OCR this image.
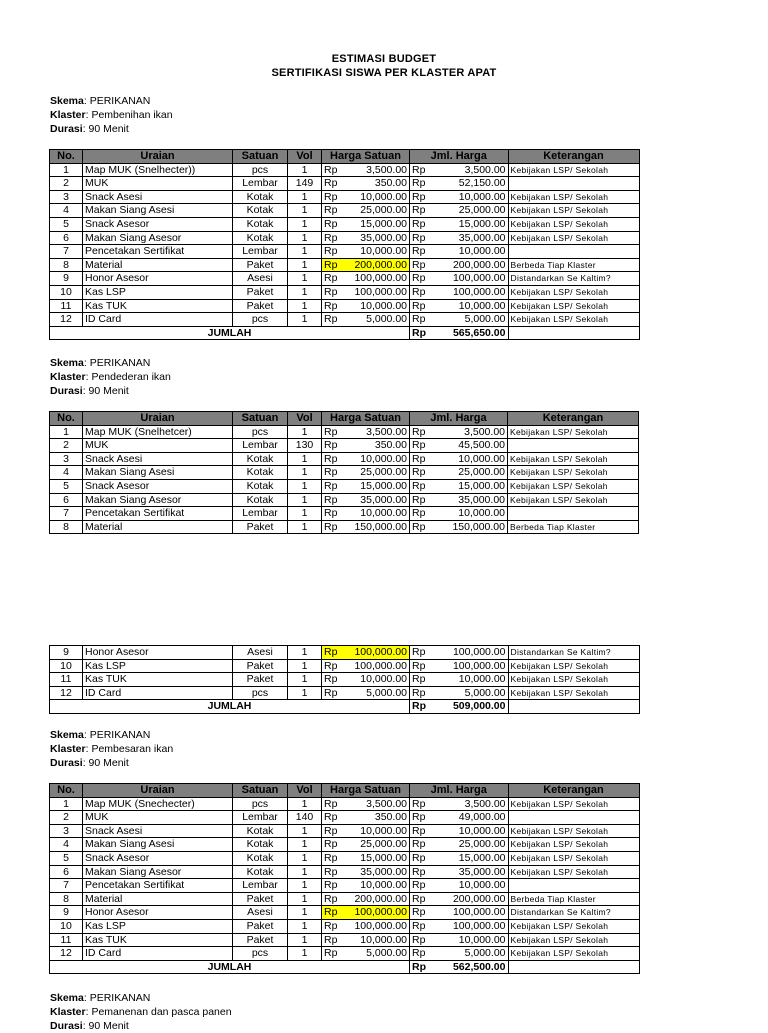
ESTIMASI BUDGET
SERTIFIKASI SISWA PER KLASTER APAT
Skema: PERIKANAN
Klaster: Pembenihan ikan
Durasi: 90 Menit
Skema: PERIKANAN
Klaster: Pendederan ikan
Durasi: 90 Menit
Skema: PERIKANAN
Klaster: Pembesaran ikan
Durasi: 90 Menit
Skema: PERIKANAN
Klaster: Pemanenan dan pasca panen
Durasi: 90 Menit
No.	Uraian	Satuan	Vol	Harga Satuan		Jml. Harga		Keterangan
1	Map MUK (Snelhecter))	pcs	1	Rp	3,500.00	Rp	3,500.00	Kebijakan LSP/ Sekolah
2	MUK	Lembar	149	Rp	350.00	Rp	52,150.00	
3	Snack Asesi	Kotak	1	Rp	10,000.00	Rp	10,000.00	Kebijakan LSP/ Sekolah
4	Makan Siang Asesi	Kotak	1	Rp	25,000.00	Rp	25,000.00	Kebijakan LSP/ Sekolah
5	Snack Asesor	Kotak	1	Rp	15,000.00	Rp	15,000.00	Kebijakan LSP/ Sekolah
6	Makan Siang Asesor	Kotak	1	Rp	35,000.00	Rp	35,000.00	Kebijakan LSP/ Sekolah
7	Pencetakan Sertifikat	Lembar	1	Rp	10,000.00	Rp	10,000.00	
8	Material	Paket	1	Rp	200,000.00	Rp	200,000.00	Berbeda Tiap Klaster
9	Honor Asesor	Asesi	1	Rp	100,000.00	Rp	100,000.00	Distandarkan Se Kaltim?
10	Kas LSP	Paket	1	Rp	100,000.00	Rp	100,000.00	Kebijakan LSP/ Sekolah
11	Kas TUK	Paket	1	Rp	10,000.00	Rp	10,000.00	Kebijakan LSP/ Sekolah
12	ID Card	pcs	1	Rp	5,000.00	Rp	5,000.00	Kebijakan LSP/ Sekolah
JUMLAH						Rp	565,650.00	
No.	Uraian	Satuan	Vol	Harga Satuan		Jml. Harga		Keterangan
1	Map MUK (Snelhetcer)	pcs	1	Rp	3,500.00	Rp	3,500.00	Kebijakan LSP/ Sekolah
2	MUK	Lembar	130	Rp	350.00	Rp	45,500.00	
3	Snack Asesi	Kotak	1	Rp	10,000.00	Rp	10,000.00	Kebijakan LSP/ Sekolah
4	Makan Siang Asesi	Kotak	1	Rp	25,000.00	Rp	25,000.00	Kebijakan LSP/ Sekolah
5	Snack Asesor	Kotak	1	Rp	15,000.00	Rp	15,000.00	Kebijakan LSP/ Sekolah
6	Makan Siang Asesor	Kotak	1	Rp	35,000.00	Rp	35,000.00	Kebijakan LSP/ Sekolah
7	Pencetakan Sertifikat	Lembar	1	Rp	10,000.00	Rp	10,000.00	
8	Material	Paket	1	Rp	150,000.00	Rp	150,000.00	Berbeda Tiap Klaster
9	Honor Asesor	Asesi	1	Rp	100,000.00	Rp	100,000.00	Distandarkan Se Kaltim?
10	Kas LSP	Paket	1	Rp	100,000.00	Rp	100,000.00	Kebijakan LSP/ Sekolah
11	Kas TUK	Paket	1	Rp	10,000.00	Rp	10,000.00	Kebijakan LSP/ Sekolah
12	ID Card	pcs	1	Rp	5,000.00	Rp	5,000.00	Kebijakan LSP/ Sekolah
JUMLAH						Rp	509,000.00	
No.	Uraian	Satuan	Vol	Harga Satuan		Jml. Harga		Keterangan
1	Map MUK (Snechecter)	pcs	1	Rp	3,500.00	Rp	3,500.00	Kebijakan LSP/ Sekolah
2	MUK	Lembar	140	Rp	350.00	Rp	49,000.00	
3	Snack Asesi	Kotak	1	Rp	10,000.00	Rp	10,000.00	Kebijakan LSP/ Sekolah
4	Makan Siang Asesi	Kotak	1	Rp	25,000.00	Rp	25,000.00	Kebijakan LSP/ Sekolah
5	Snack Asesor	Kotak	1	Rp	15,000.00	Rp	15,000.00	Kebijakan LSP/ Sekolah
6	Makan Siang Asesor	Kotak	1	Rp	35,000.00	Rp	35,000.00	Kebijakan LSP/ Sekolah
7	Pencetakan Sertifikat	Lembar	1	Rp	10,000.00	Rp	10,000.00	
8	Material	Paket	1	Rp	200,000.00	Rp	200,000.00	Berbeda Tiap Klaster
9	Honor Asesor	Asesi	1	Rp	100,000.00	Rp	100,000.00	Distandarkan Se Kaltim?
10	Kas LSP	Paket	1	Rp	100,000.00	Rp	100,000.00	Kebijakan LSP/ Sekolah
11	Kas TUK	Paket	1	Rp	10,000.00	Rp	10,000.00	Kebijakan LSP/ Sekolah
12	ID Card	pcs	1	Rp	5,000.00	Rp	5,000.00	Kebijakan LSP/ Sekolah
JUMLAH						Rp	562,500.00	
